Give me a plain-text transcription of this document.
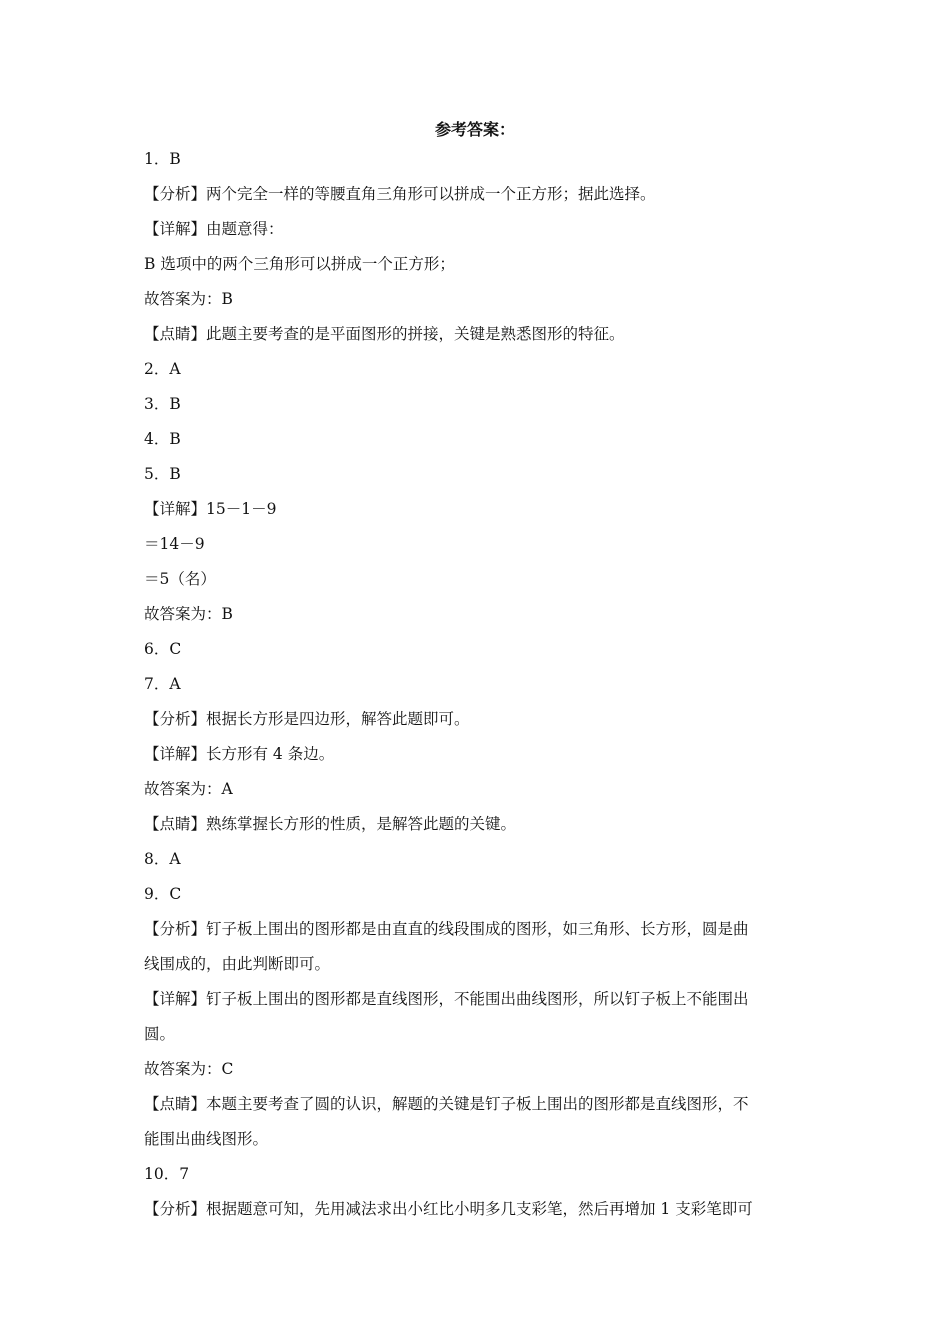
参考答案：
1．B
【分析】两个完全一样的等腰直角三角形可以拼成一个正方形；据此选择。
【详解】由题意得：
B 选项中的两个三角形可以拼成一个正方形；
故答案为：B
【点睛】此题主要考查的是平面图形的拼接，关键是熟悉图形的特征。
2．A
3．B
4．B
5．B
【详解】15－1－9
＝14－9
＝5（名）
故答案为：B
6．C
7．A
【分析】根据长方形是四边形，解答此题即可。
【详解】长方形有 4 条边。
故答案为：A
【点睛】熟练掌握长方形的性质，是解答此题的关键。
8．A
9．C
【分析】钉子板上围出的图形都是由直直的线段围成的图形，如三角形、长方形，圆是曲
线围成的，由此判断即可。
【详解】钉子板上围出的图形都是直线图形，不能围出曲线图形，所以钉子板上不能围出
圆。
故答案为：C
【点睛】本题主要考查了圆的认识，解题的关键是钉子板上围出的图形都是直线图形，不
能围出曲线图形。
10．7
【分析】根据题意可知，先用减法求出小红比小明多几支彩笔，然后再增加 1 支彩笔即可
